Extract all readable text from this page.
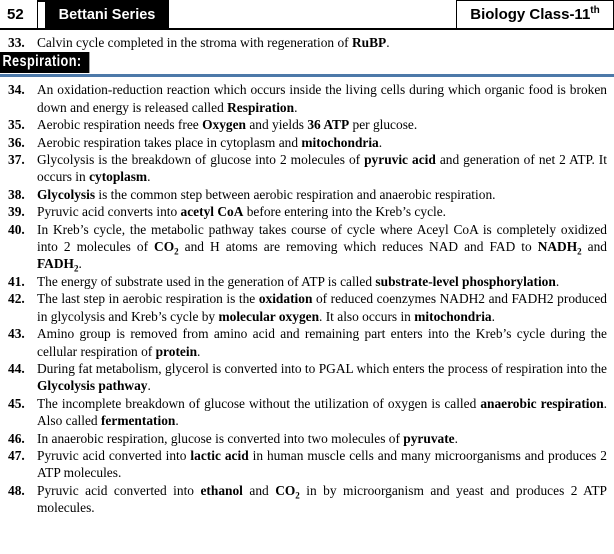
52 Bettani Series	Biology Class-11th
33. Calvin cycle completed in the stroma with regeneration of RuBP.
Respiration:
34. An oxidation-reduction reaction which occurs inside the living cells during which organic food is broken down and energy is released called Respiration.
35. Aerobic respiration needs free Oxygen and yields 36 ATP per glucose.
36. Aerobic respiration takes place in cytoplasm and mitochondria.
37. Glycolysis is the breakdown of glucose into 2 molecules of pyruvic acid and generation of net 2 ATP. It occurs in cytoplasm.
38. Glycolysis is the common step between aerobic respiration and anaerobic respiration.
39. Pyruvic acid converts into acetyl CoA before entering into the Kreb’s cycle.
40. In Kreb’s cycle, the metabolic pathway takes course of cycle where Aceyl CoA is completely oxidized into 2 molecules of $CO_2$ and H atoms are removing which reduces NAD and FAD to $NADH_2$ and $FADH_2$.
41. The energy of substrate used in the generation of ATP is called substrate-level phosphorylation.
42. The last step in aerobic respiration is the oxidation of reduced coenzymes NADH2 and FADH2 produced in glycolysis and Kreb’s cycle by molecular oxygen. It also occurs in mitochondria.
43. Amino group is removed from amino acid and remaining part enters into the Kreb’s cycle during the cellular respiration of protein.
44. During fat metabolism, glycerol is converted into to PGAL which enters the process of respiration into the Glycolysis pathway.
45. The incomplete breakdown of glucose without the utilization of oxygen is called anaerobic respiration. Also called fermentation.
46. In anaerobic respiration, glucose is converted into two molecules of pyruvate.
47. Pyruvic acid converted into lactic acid in human muscle cells and many microorganisms and produces 2 ATP molecules.
48. Pyruvic acid converted into ethanol and $CO_2$ in by microorganism and yeast and produces 2 ATP molecules.
